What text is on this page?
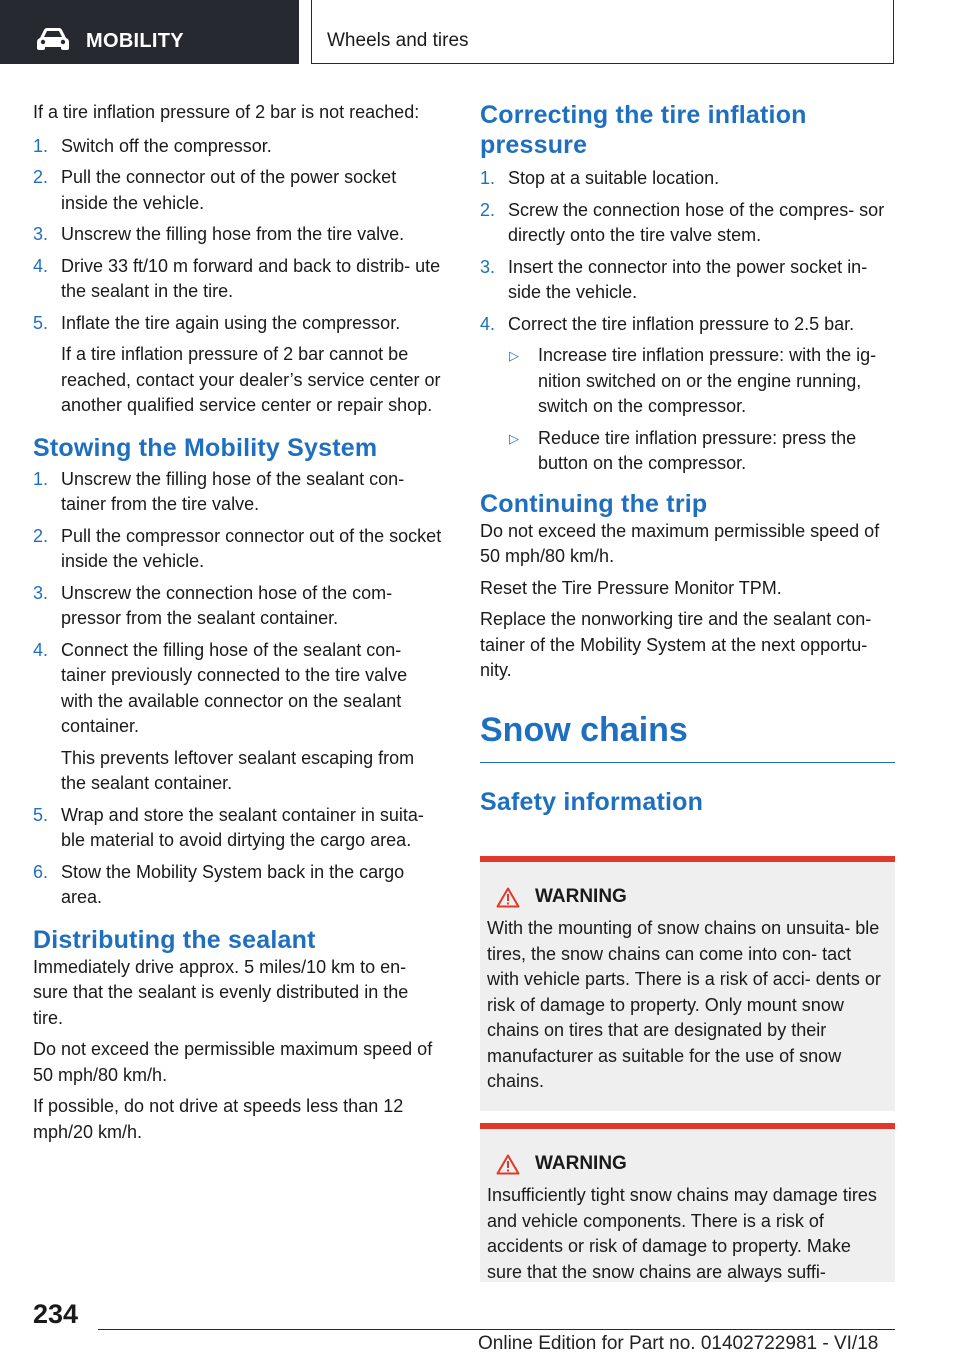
MOBILITY	Wheels and tires

If a tire inflation pressure of 2 bar is not reached:

1. Switch off the compressor.
2. Pull the connector out of the power socket inside the vehicle.
3. Unscrew the filling hose from the tire valve.
4. Drive 33 ft/10 m forward and back to distrib‐ ute the sealant in the tire.
5. Inflate the tire again using the compressor.
If a tire inflation pressure of 2 bar cannot be reached, contact your dealer’s service center or another qualified service center or repair shop.
Stowing the Mobility System
1. Unscrew the filling hose of the sealant con‐ tainer from the tire valve.
2. Pull the compressor connector out of the socket inside the vehicle.
3. Unscrew the connection hose of the com‐ pressor from the sealant container.
4. Connect the filling hose of the sealant con‐ tainer previously connected to the tire valve with the available connector on the sealant container.
This prevents leftover sealant escaping from the sealant container.
5. Wrap and store the sealant container in suita‐ ble material to avoid dirtying the cargo area.
6. Stow the Mobility System back in the cargo area.
Distributing the sealant

Immediately drive approx. 5 miles/10 km to en‐ sure that the sealant is evenly distributed in the tire.

Do not exceed the permissible maximum speed of 50 mph/80 km/h.

If possible, do not drive at speeds less than 12 mph/20 km/h.

Correcting the tire inflation pressure
1. Stop at a suitable location.
2. Screw the connection hose of the compres‐ sor directly onto the tire valve stem.
3. Insert the connector into the power socket in‐ side the vehicle.
4. Correct the tire inflation pressure to 2.5 bar.
▷ Increase tire inflation pressure: with the ig‐ nition switched on or the engine running, switch on the compressor.
▷ Reduce tire inflation pressure: press the button on the compressor.
Continuing the trip

Do not exceed the maximum permissible speed of 50 mph/80 km/h.

Reset the Tire Pressure Monitor TPM.

Replace the nonworking tire and the sealant con‐ tainer of the Mobility System at the next opportu‐ nity.

Snow chains
Safety information
WARNING

With the mounting of snow chains on unsuita‐ ble tires, the snow chains can come into con‐ tact with vehicle parts. There is a risk of acci‐ dents or risk of damage to property. Only mount snow chains on tires that are designated by their manufacturer as suitable for the use of snow chains.

WARNING

Insufficiently tight snow chains may damage tires and vehicle components. There is a risk of accidents or risk of damage to property. Make sure that the snow chains are always suffi‐

234
Online Edition for Part no. 01402722981 - VI/18
